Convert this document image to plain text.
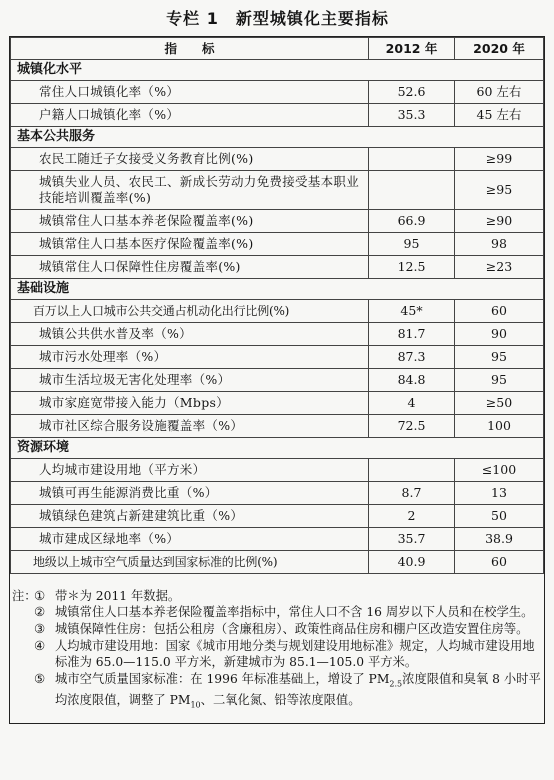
专栏 1　新型城镇化主要指标
指　　标	2012 年	2020 年
城镇化水平		
常住人口城镇化率（%）	52.6	60 左右
户籍人口城镇化率（%）	35.3	45 左右
基本公共服务		
农民工随迁子女接受义务教育比例(%)		≥99
城镇失业人员、农民工、新成长劳动力免费接受基本职业技能培训覆盖率(%)		≥95
城镇常住人口基本养老保险覆盖率(%)	66.9	≥90
城镇常住人口基本医疗保险覆盖率(%)	95	98
城镇常住人口保障性住房覆盖率(%)	12.5	≥23
基础设施		
百万以上人口城市公共交通占机动化出行比例(%)	45*	60
城镇公共供水普及率（%）	81.7	90
城市污水处理率（%）	87.3	95
城市生活垃圾无害化处理率（%）	84.8	95
城市家庭宽带接入能力（Mbps）	4	≥50
城市社区综合服务设施覆盖率（%）	72.5	100
资源环境		
人均城市建设用地（平方米）		≤100
城镇可再生能源消费比重（%）	8.7	13
城镇绿色建筑占新建建筑比重（%）	2	50
城市建成区绿地率（%）	35.7	38.9
地级以上城市空气质量达到国家标准的比例(%)	40.9	60
注：
① 带＊为 2011 年数据。
② 城镇常住人口基本养老保险覆盖率指标中，常住人口不含 16 周岁以下人员和在校学生。
③ 城镇保障性住房：包括公租房（含廉租房）、政策性商品住房和棚户区改造安置住房等。
④ 人均城市建设用地：国家《城市用地分类与规划建设用地标准》规定，人均城市建设用地标准为 65.0—115.0 平方米，新建城市为 85.1—105.0 平方米。
⑤ 城市空气质量国家标准：在 1996 年标准基础上，增设了 $PM_{2.5}$浓度限值和臭氧 8 小时平均浓度限值，调整了 $PM_{10}$、二氧化氮、铅等浓度限值。
